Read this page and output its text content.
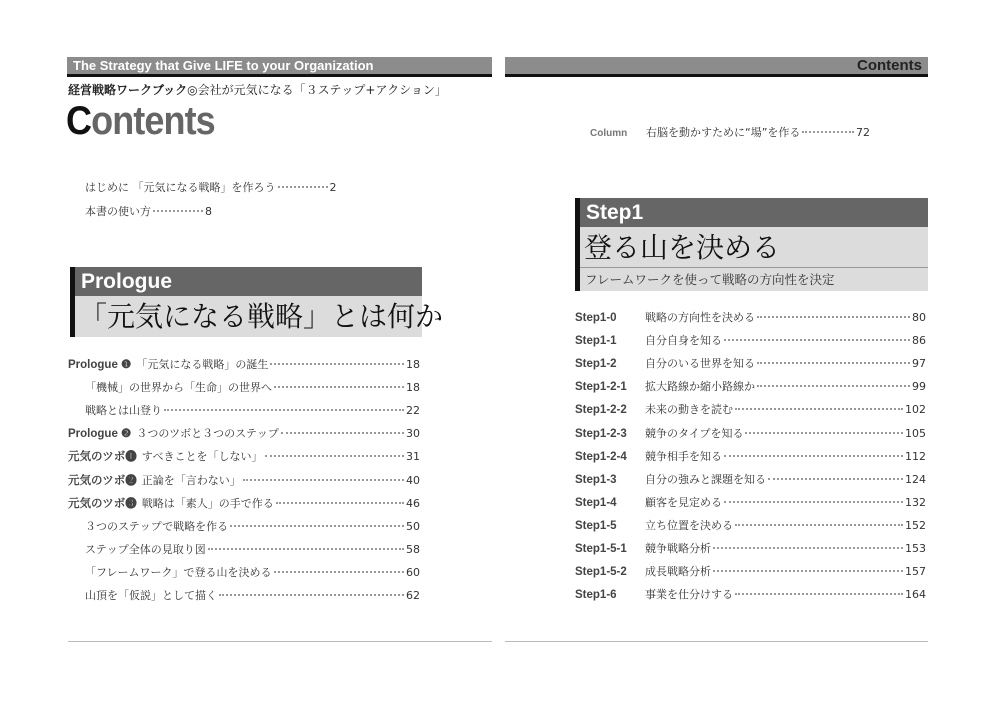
The Strategy that Give LIFE to your Organization
経営戦略ワークブック◎会社が元気になる「３ステップ+アクション」
Contents
はじめに 「元気になる戦略」を作ろう	2
本書の使い方	8
Prologue
「元気になる戦略」とは何か
Prologue ❶ 「元気になる戦略」の誕生	18
「機械」の世界から「生命」の世界へ	18
戦略とは山登り	22
Prologue ❷ ３つのツボと３つのステップ	30
元気のツボ❶ すべきことを「しない」	31
元気のツボ❷ 正論を「言わない」	40
元気のツボ❸ 戦略は「素人」の手で作る	46
３つのステップで戦略を作る	50
ステップ全体の見取り図	58
「フレームワーク」で登る山を決める	60
山頂を「仮説」として描く	62
Contents
Column	右脳を動かすために“場”を作る	72
Step1
登る山を決める
フレームワークを使って戦略の方向性を決定
Step1-0	戦略の方向性を決める	80
Step1-1	自分自身を知る	86
Step1-2	自分のいる世界を知る	97
Step1-2-1	拡大路線か縮小路線か	99
Step1-2-2	未来の動きを読む	102
Step1-2-3	競争のタイプを知る	105
Step1-2-4	競争相手を知る	112
Step1-3	自分の強みと課題を知る	124
Step1-4	顧客を見定める	132
Step1-5	立ち位置を決める	152
Step1-5-1	競争戦略分析	153
Step1-5-2	成長戦略分析	157
Step1-6	事業を仕分けする	164
